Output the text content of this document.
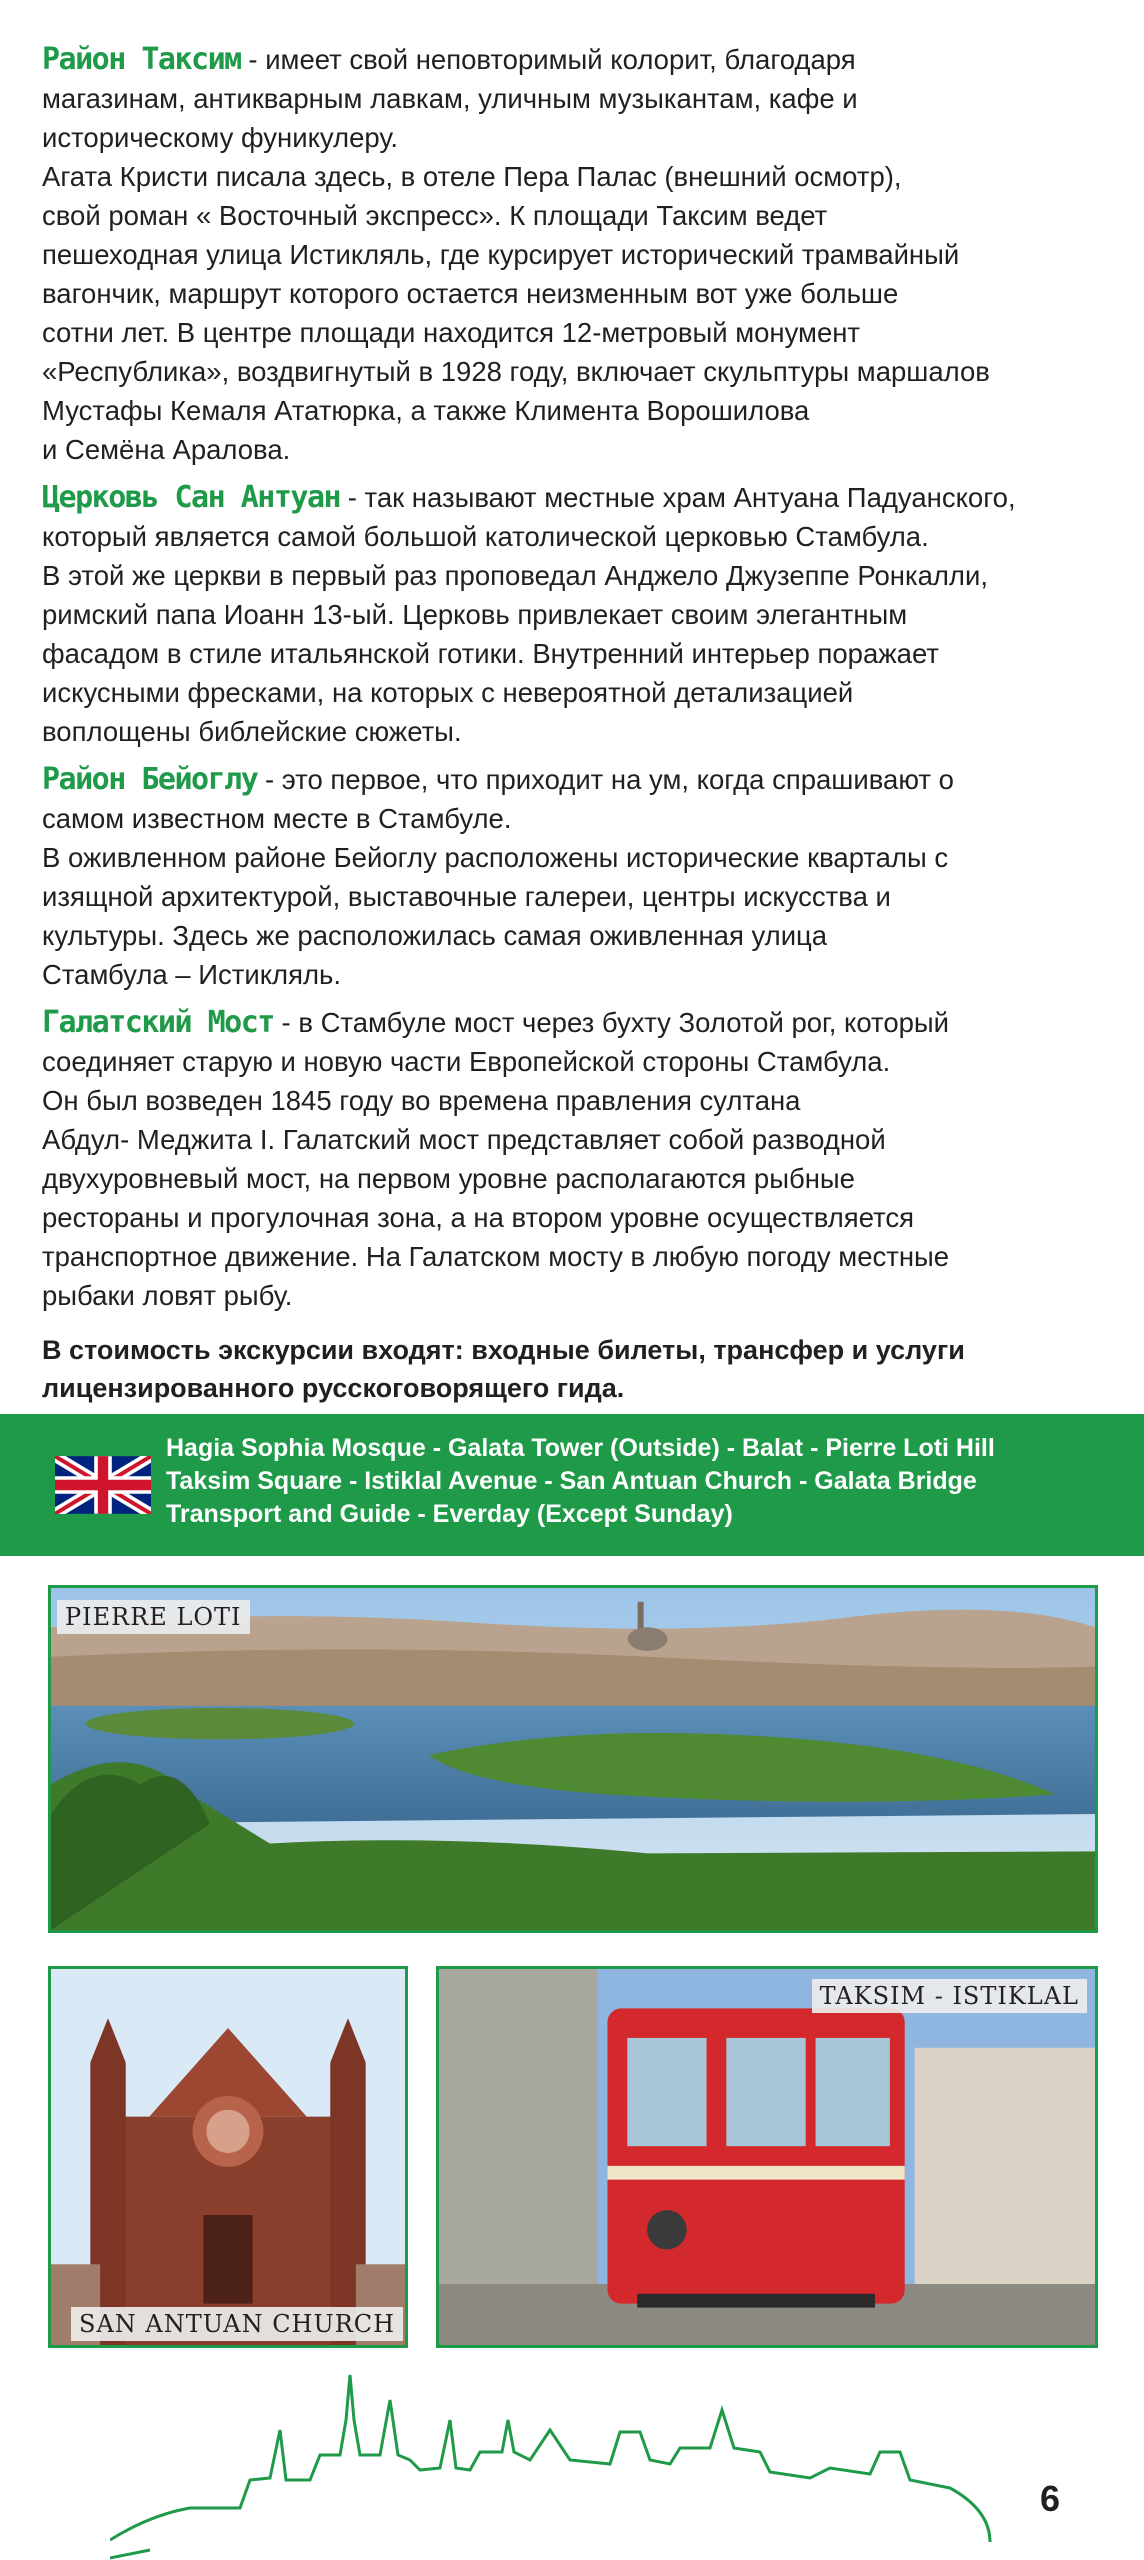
Район Таксим - имеет свой неповторимый колорит, благодаря
магазинам, антикварным лавкам, уличным музыкантам, кафе и
историческому фуникулеру.
Агата Кристи писала здесь, в отеле Пера Палас (внешний осмотр),
свой роман « Восточный экспресс». К площади Таксим ведет
пешеходная улица Истикляль, где курсирует исторический трамвайный
вагончик, маршрут которого остается неизменным вот уже больше
сотни лет. В центре площади находится 12-метровый монумент
«Республика», воздвигнутый в 1928 году, включает скульптуры маршалов
Мустафы Кемаля Ататюрка, а также Климента Ворошилова
и Семёна Аралова.

Церковь Сан Антуан - так называют местные храм Антуана Падуанского,
который является самой большой католической церковью Стамбула.
В этой же церкви в первый раз проповедал Анджело Джузеппе Ронкалли,
римский папа Иоанн 13-ый. Церковь привлекает своим элегантным
фасадом в стиле итальянской готики. Внутренний интерьер поражает
искусными фресками, на которых с невероятной детализацией
воплощены библейские сюжеты.

Район Бейоглу - это первое, что приходит на ум, когда спрашивают о
самом известном месте в Стамбуле.
В оживленном районе Бейоглу расположены исторические кварталы с
изящной архитектурой, выставочные галереи, центры искусства и
культуры. Здесь же расположилась самая оживленная улица
Стамбула – Истикляль.

Галатский Мост - в Стамбуле мост через бухту Золотой рог, который
соединяет старую и новую части Европейской стороны Стамбула.
Он был возведен 1845 году во времена правления султана
Абдул- Меджита I. Галатский мост представляет собой разводной
двухуровневый мост, на первом уровне располагаются рыбные
рестораны и прогулочная зона, а на втором уровне осуществляется
транспортное движение. На Галатском мосту в любую погоду местные
рыбаки ловят рыбу.

В стоимость экскурсии входят: входные билеты, трансфер и услуги
лицензированного русскоговорящего гида.
Hagia Sophia Mosque - Galata Tower (Outside) - Balat - Pierre Loti Hill
Taksim Square - Istiklal Avenue - San Antuan Church - Galata Bridge
Transport and Guide - Everday (Except Sunday)
PIERRE LOTI
SAN ANTUAN CHURCH
TAKSIM - ISTIKLAL
6
